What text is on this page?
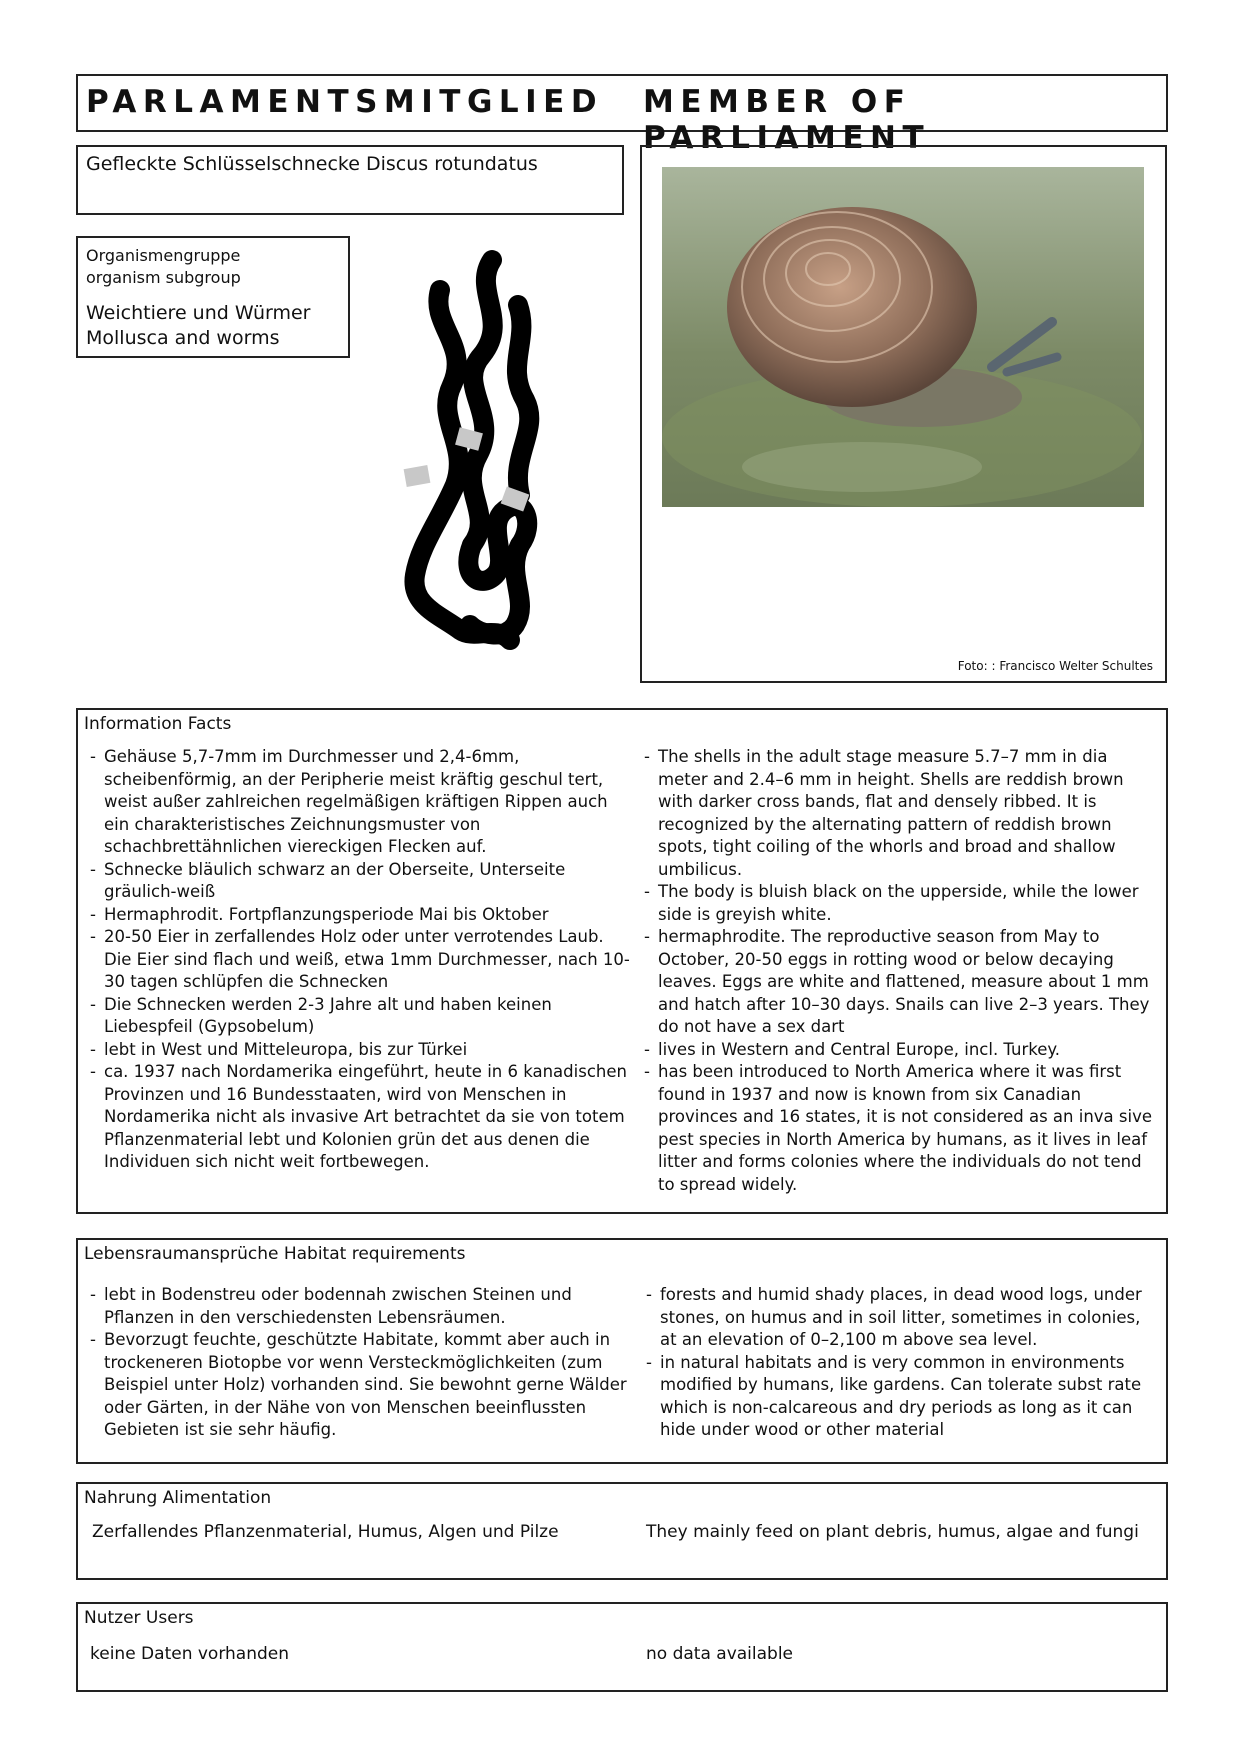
PARLAMENTSMITGLIED MEMBER OF PARLIAMENT
Gefleckte Schlüsselschnecke Discus rotundatus
Organismengruppe
organism subgroup
Weichtiere und Würmer
Mollusca and worms
Foto: : Francisco Welter Schultes
Information Facts
- Gehäuse 5,7-7mm im Durchmesser und 2,4-6mm, scheibenförmig, an der Peripherie meist kräftig geschul tert, weist außer zahlreichen regelmäßigen kräftigen Rippen auch ein charakteristisches Zeichnungsmuster von schachbrettähnlichen viereckigen Flecken auf.
- Schnecke bläulich schwarz an der Oberseite, Unterseite gräulich-weiß
- Hermaphrodit. Fortpflanzungsperiode Mai bis Oktober
- 20-50 Eier in zerfallendes Holz oder unter verrotendes Laub. Die Eier sind flach und weiß, etwa 1mm Durchmesser, nach 10-30 tagen schlüpfen die Schnecken
- Die Schnecken werden 2-3 Jahre alt und haben keinen Liebespfeil (Gypsobelum)
- lebt in West und Mitteleuropa, bis zur Türkei
- ca. 1937 nach Nordamerika eingeführt, heute in 6 kanadischen Provinzen und 16 Bundesstaaten, wird von Menschen in Nordamerika nicht als invasive Art betrachtet da sie von totem Pflanzenmaterial lebt und Kolonien grün det aus denen die Individuen sich nicht weit fortbewegen.
- The shells in the adult stage measure 5.7–7 mm in dia meter and 2.4–6 mm in height. Shells are reddish brown with darker cross bands, flat and densely ribbed. It is recognized by the alternating pattern of reddish brown spots, tight coiling of the whorls and broad and shallow umbilicus.
- The body is bluish black on the upperside, while the lower side is greyish white.
- hermaphrodite. The reproductive season from May to October, 20-50 eggs in rotting wood or below decaying leaves. Eggs are white and flattened, measure about 1 mm and hatch after 10–30 days. Snails can live 2–3 years. They do not have a sex dart
- lives in Western and Central Europe, incl. Turkey.
- has been introduced to North America where it was first found in 1937 and now is known from six Canadian provinces and 16 states, it is not considered as an inva sive pest species in North America by humans, as it lives in leaf litter and forms colonies where the individuals do not tend to spread widely.
Lebensraumansprüche Habitat requirements
- lebt in Bodenstreu oder bodennah zwischen Steinen und Pflanzen in den verschiedensten Lebensräumen.
- Bevorzugt feuchte, geschützte Habitate, kommt aber auch in trockeneren Biotopbe vor wenn Versteckmöglichkeiten (zum Beispiel unter Holz) vorhanden sind. Sie bewohnt gerne Wälder oder Gärten, in der Nähe von von Menschen beeinflussten Gebieten ist sie sehr häufig.
- forests and humid shady places, in dead wood logs, under stones, on humus and in soil litter, sometimes in colonies, at an elevation of 0–2,100 m above sea level.
- in natural habitats and is very common in environments modified by humans, like gardens. Can tolerate subst rate which is non-calcareous and dry periods as long as it can hide under wood or other material
Nahrung Alimentation
Zerfallendes Pflanzenmaterial, Humus, Algen und Pilze	They mainly feed on plant debris, humus, algae and fungi
Nutzer Users
keine Daten vorhanden	no data available
